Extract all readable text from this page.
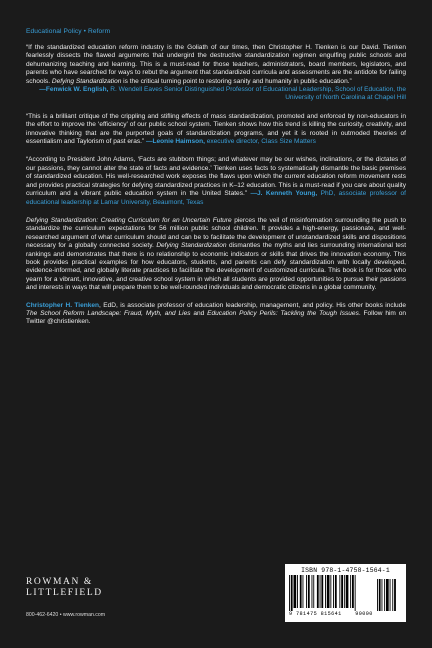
Educational Policy • Reform

“If the standardized education reform industry is the Goliath of our times, then Christopher H. Tienken is our David. Tienken fearlessly dissects the flawed arguments that undergird the destructive standardization regimen engulfing public schools and dehumanizing teaching and learning. This is a must-read for those teachers, administrators, board members, legislators, and parents who have searched for ways to rebut the argument that standardized curricula and assessments are the antidote for failing schools. Defying Standardization is the critical turning point to restoring sanity and humanity in public education.”
—Fenwick W. English, R. Wendell Eaves Senior Distinguished Professor of Educational Leadership, School of Education, the University of North Carolina at Chapel Hill

“This is a brilliant critique of the crippling and stifling effects of mass standardization, promoted and enforced by non-educators in the effort to improve the ‘efficiency’ of our public school system. Tienken shows how this trend is killing the curiosity, creativity, and innovative thinking that are the purported goals of standardization programs, and yet it is rooted in outmoded theories of essentialism and Taylorism of past eras.” —Leonie Haimson, executive director, Class Size Matters

“According to President John Adams, ‘Facts are stubborn things; and whatever may be our wishes, inclinations, or the dictates of our passions, they cannot alter the state of facts and evidence.’ Tienken uses facts to systematically dismantle the basic premises of standardized education. His well-researched work exposes the flaws upon which the current education reform movement rests and provides practical strategies for defying standardized practices in K–12 education. This is a must-read if you care about quality curriculum and a vibrant public education system in the United States.” —J. Kenneth Young, PhD, associate professor of educational leadership at Lamar University, Beaumont, Texas

Defying Standardization: Creating Curriculum for an Uncertain Future pierces the veil of misinformation surrounding the push to standardize the curriculum expectations for 56 million public school children. It provides a high-energy, passionate, and well-researched argument of what curriculum should and can be to facilitate the development of unstandardized skills and dispositions necessary for a globally connected society. Defying Standardization dismantles the myths and lies surrounding international test rankings and demonstrates that there is no relationship to economic indicators or skills that drives the innovation economy. This book provides practical examples for how educators, students, and parents can defy standardization with locally developed, evidence-informed, and globally literate practices to facilitate the development of customized curricula. This book is for those who yearn for a vibrant, innovative, and creative school system in which all students are provided opportunities to pursue their passions and interests in ways that will prepare them to be well-rounded individuals and democratic citizens in a global community.

Christopher H. Tienken, EdD, is associate professor of education leadership, management, and policy. His other books include The School Reform Landscape: Fraud, Myth, and Lies and Education Policy Perils: Tackling the Tough Issues. Follow him on Twitter @christienken.

ROWMAN &
LITTLEFIELD
800-462-6420 • www.rowman.com
ISBN 978-1-4758-1564-1
9 781475 815641	90000
